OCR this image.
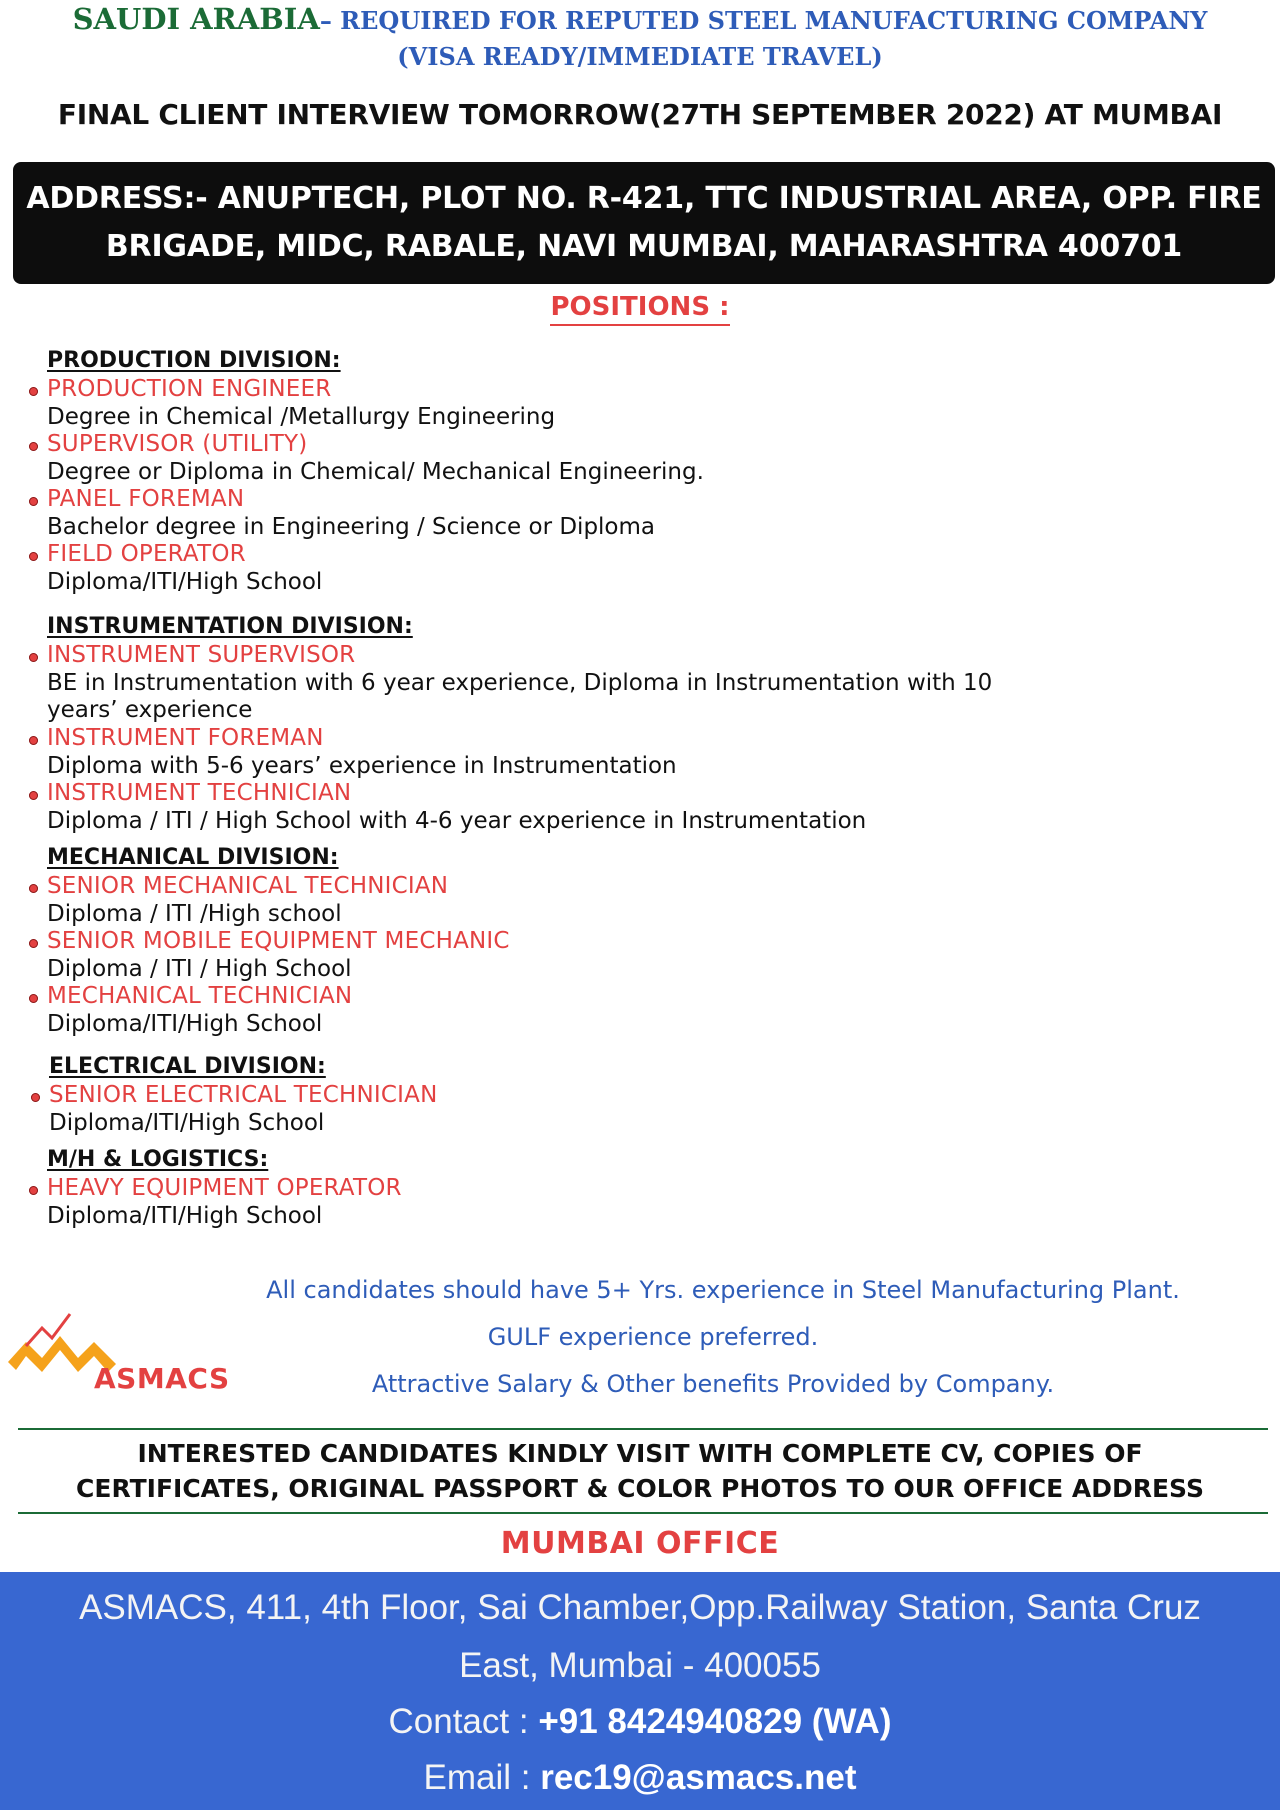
SAUDI ARABIA– REQUIRED FOR REPUTED STEEL MANUFACTURING COMPANY
(VISA READY/IMMEDIATE TRAVEL)
FINAL CLIENT INTERVIEW TOMORROW(27TH SEPTEMBER 2022) AT MUMBAI
ADDRESS:- ANUPTECH, PLOT NO. R-421, TTC INDUSTRIAL AREA, OPP. FIRE
BRIGADE, MIDC, RABALE, NAVI MUMBAI, MAHARASHTRA 400701
POSITIONS :
PRODUCTION DIVISION:
PRODUCTION ENGINEER
Degree in Chemical /Metallurgy Engineering
SUPERVISOR (UTILITY)
Degree or Diploma in Chemical/ Mechanical Engineering.
PANEL FOREMAN
Bachelor degree in Engineering / Science or Diploma
FIELD OPERATOR
Diploma/ITI/High School
INSTRUMENTATION DIVISION:
INSTRUMENT SUPERVISOR
BE in Instrumentation with 6 year experience, Diploma in Instrumentation with 10
years’ experience
INSTRUMENT FOREMAN
Diploma with 5-6 years’ experience in Instrumentation
INSTRUMENT TECHNICIAN
Diploma / ITI / High School with 4-6 year experience in Instrumentation
MECHANICAL DIVISION:
SENIOR MECHANICAL TECHNICIAN
Diploma / ITI /High school
SENIOR MOBILE EQUIPMENT MECHANIC
Diploma / ITI / High School
MECHANICAL TECHNICIAN
Diploma/ITI/High School
ELECTRICAL DIVISION:
SENIOR ELECTRICAL TECHNICIAN
Diploma/ITI/High School
M/H & LOGISTICS:
HEAVY EQUIPMENT OPERATOR
Diploma/ITI/High School
ASMACS
All candidates should have 5+ Yrs. experience in Steel Manufacturing Plant.
GULF experience preferred.
Attractive Salary & Other benefits Provided by Company.
INTERESTED CANDIDATES KINDLY VISIT WITH COMPLETE CV, COPIES OF
CERTIFICATES, ORIGINAL PASSPORT & COLOR PHOTOS TO OUR OFFICE ADDRESS
MUMBAI OFFICE
ASMACS, 411, 4th Floor, Sai Chamber,Opp.Railway Station, Santa Cruz
East, Mumbai - 400055
Contact : +91 8424940829 (WA)
Email : rec19@asmacs.net
